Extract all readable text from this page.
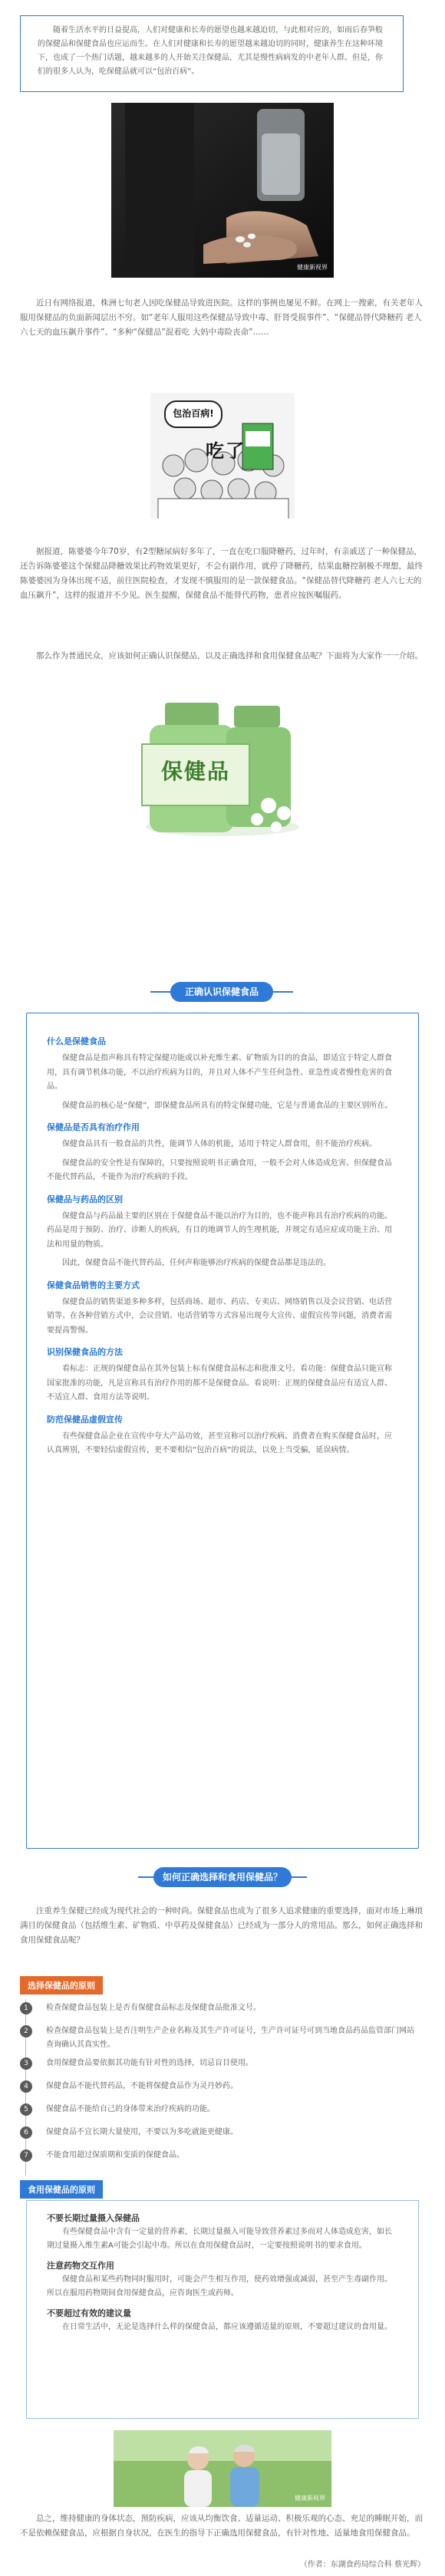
随着生活水平的日益提高，人们对健康和长寿的愿望也越来越迫切，与此相对应的，如雨后春笋般的保健品和保健食品也应运而生。在人们对健康和长寿的愿望越来越迫切的同时，健康养生在这种环境下，也成了一个热门话题，越来越多的人开始关注保健品，尤其是慢性病病发的中老年人群。但是，你们的很多人认为，吃保健品就可以“包治百病”。

健康新视界

近日有网络报道，株洲七旬老人因吃保健品导致进医院。这样的事例也屡见不鲜。在网上一搜索，有关老年人服用保健品的负面新闻层出不穷。如“老年人服用这些保健品导致中毒、肝肾受损事件”、“保健品替代降糖药 老人六七天的血压飙升事件”、“多种“保健品”混着吃 大妈中毒险丧命”……

包治百病!
吃了

据报道，陈婆婆今年70岁，有2型糖尿病好多年了，一直在吃口服降糖药，过年时，有亲戚送了一种保健品，还告诉陈婆婆这个保健品降糖效果比药物效果更好，不会有副作用，就停了降糖药，结果血糖控制极不理想，最终陈婆婆因为身体出现不适，前往医院检查，才发现不慎服用的是一款保健食品。“保健品替代降糖药 老人六七天的血压飙升”，这样的报道并不少见。医生提醒，保健食品不能替代药物，患者应按医嘱服药。

那么作为普通民众，应该如何正确认识保健品，以及正确选择和食用保健食品呢？下面将为大家作一一介绍。

保健品
正确认识保健食品
什么是保健食品

保健食品是指声称具有特定保健功能或以补充维生素、矿物质为目的的食品，即适宜于特定人群食用，具有调节机体功能，不以治疗疾病为目的，并且对人体不产生任何急性、亚急性或者慢性危害的食品。

保健食品的核心是“保健”，即保健食品所具有的特定保健功能，它是与普通食品的主要区别所在。

保健品是否具有治疗作用

保健食品具有一般食品的共性，能调节人体的机能，适用于特定人群食用，但不能治疗疾病。

保健食品的安全性是有保障的，只要按照说明书正确食用，一般不会对人体造成危害。但保健食品不能代替药品，不能作为治疗疾病的手段。

保健品与药品的区别

保健食品与药品最主要的区别在于保健食品不能以治疗为目的，也不能声称具有治疗疾病的功能。药品是用于预防、治疗、诊断人的疾病，有目的地调节人的生理机能，并规定有适应症或功能主治、用法和用量的物质。

因此，保健食品不能代替药品，任何声称能够治疗疾病的保健食品都是违法的。

保健食品销售的主要方式

保健食品的销售渠道多种多样，包括商场、超市、药店、专卖店、网络销售以及会议营销、电话营销等。在各种营销方式中，会议营销、电话营销等方式容易出现夸大宣传、虚假宣传等问题，消费者需要提高警惕。

识别保健食品的方法

看标志：正规的保健食品在其外包装上标有保健食品标志和批准文号。看功能：保健食品只能宣称国家批准的功能，凡是宣称具有治疗作用的都不是保健食品。看说明：正规的保健食品应有适宜人群、不适宜人群、食用方法等说明。

防范保健品虚假宣传

有些保健食品企业在宣传中夸大产品功效，甚至宣称可以治疗疾病。消费者在购买保健食品时，应认真辨别，不要轻信虚假宣传，更不要相信“包治百病”的说法，以免上当受骗，延误病情。

如何正确选择和食用保健品？

注重养生保健已经成为现代社会的一种时尚。保健食品也成为了很多人追求健康的重要选择，面对市场上琳琅满目的保健食品（包括维生素、矿物质、中草药及保健食品）已经成为一部分人的常用品。那么，如何正确选择和食用保健食品呢？

选择保健品的原则
1	检查保健食品包装上是否有保健食品标志及保健食品批准文号。
2	检查保健食品包装上是否注明生产企业名称及其生产许可证号，生产许可证号可到当地食品药品监管部门网站查询确认其真实性。
3	食用保健食品要依据其功能有针对性的选择，切忌盲目使用。
4	保健食品不能代替药品，不能将保健食品作为灵丹妙药。
5	保健食品不能给自己的身体带来治疗疾病的功能。
6	保健食品不宜长期大量使用，不要以为多吃就能更健康。
7	不能食用超过保质期和变质的保健食品。
食用保健品的原则
不要长期过量摄入保健品

有些保健食品中含有一定量的营养素，长期过量摄入可能导致营养素过多而对人体造成危害，如长期过量摄入维生素A可能会引起中毒。所以在食用保健食品时，一定要按照说明书的要求食用。

注意药物交互作用

保健食品和某些药物同时服用时，可能会产生相互作用，使药效增强或减弱，甚至产生毒副作用。所以在服用药物期间食用保健食品，应咨询医生或药师。

不要超过有效的建议量

在日常生活中，无论是选择什么样的保健食品，都应该遵循适量的原则，不要超过建议的食用量。

健康新视界

总之，维持健康的身体状态，预防疾病，应该从均衡饮食、适量运动、积极乐观的心态、充足的睡眠开始，而不是依赖保健食品，应根据自身状况，在医生的指导下正确选用保健食品，有针对性地、适量地食用保健食品。

（作者：东湖食药局综合科 蔡光辉）
